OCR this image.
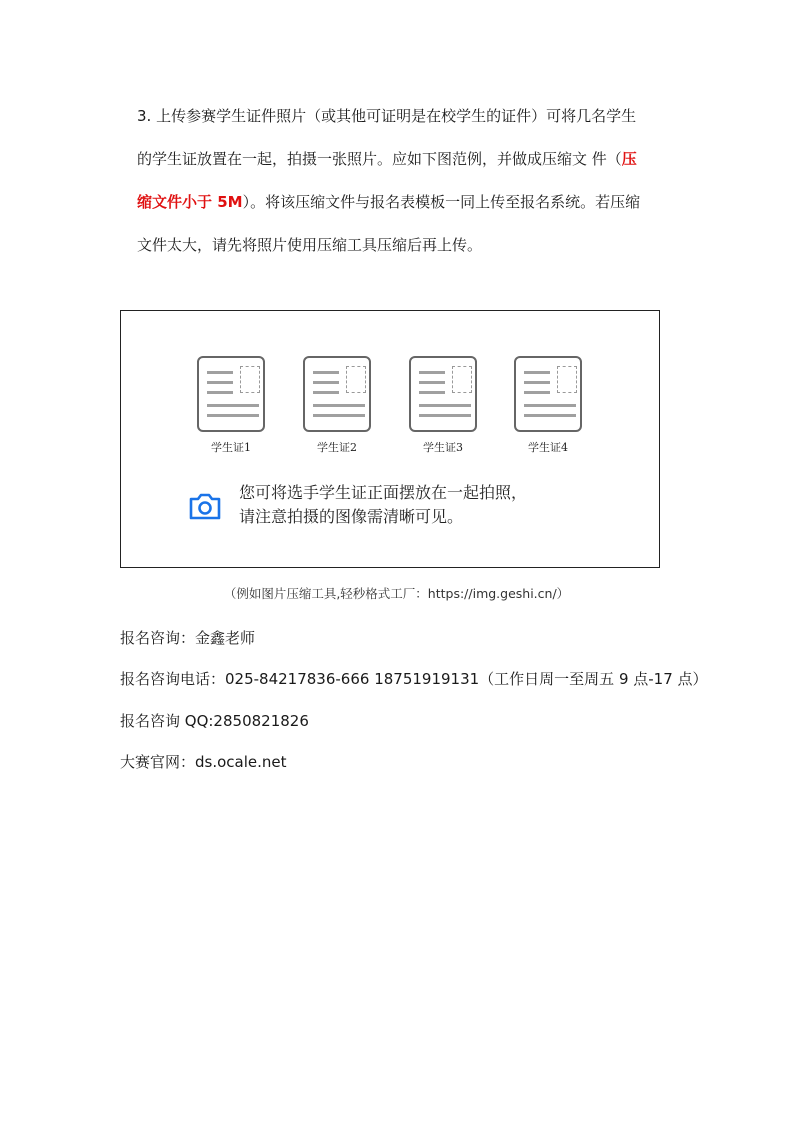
3. 上传参赛学生证件照片（或其他可证明是在校学生的证件）可将几名学生
的学生证放置在一起，拍摄一张照片。应如下图范例，并做成压缩文 件（压
缩文件小于 5M）。将该压缩文件与报名表模板一同上传至报名系统。若压缩
文件太大，请先将照片使用压缩工具压缩后再上传。
学生证1	学生证2	学生证3	学生证4
您可将选手学生证正面摆放在一起拍照，
请注意拍摄的图像需清晰可见。
（例如图片压缩工具,轻秒格式工厂：https://img.geshi.cn/）
报名咨询：金鑫老师
报名咨询电话：025-84217836-666 18751919131（工作日周一至周五 9 点-17 点）
报名咨询 QQ:2850821826
大赛官网：ds.ocale.net
